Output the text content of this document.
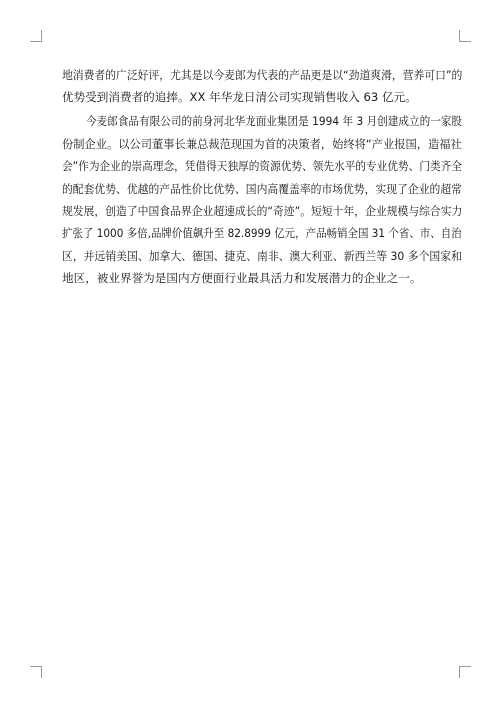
地消费者的广泛好评，尤其是以今麦郎为代表的产品更是以“劲道爽滑，营养可口”的
优势受到消费者的追捧。XX 年华龙日清公司实现销售收入 63 亿元。
今麦郎食品有限公司的前身河北华龙面业集团是 1994 年 3 月创建成立的一家股
份制企业。以公司董事长兼总裁范现国为首的决策者，始终将“产业报国，造福社
会”作为企业的崇高理念，凭借得天独厚的资源优势、领先水平的专业优势、门类齐全
的配套优势、优越的产品性价比优势、国内高覆盖率的市场优势，实现了企业的超常
规发展，创造了中国食品界企业超速成长的“奇迹”。短短十年，企业规模与综合实力
扩张了 1000 多倍,品牌价值飙升至 82.8999 亿元，产品畅销全国 31 个省、市、自治
区，并远销美国、加拿大、德国、捷克、南非、澳大利亚、新西兰等 30 多个国家和
地区，被业界誉为是国内方便面行业最具活力和发展潜力的企业之一。
